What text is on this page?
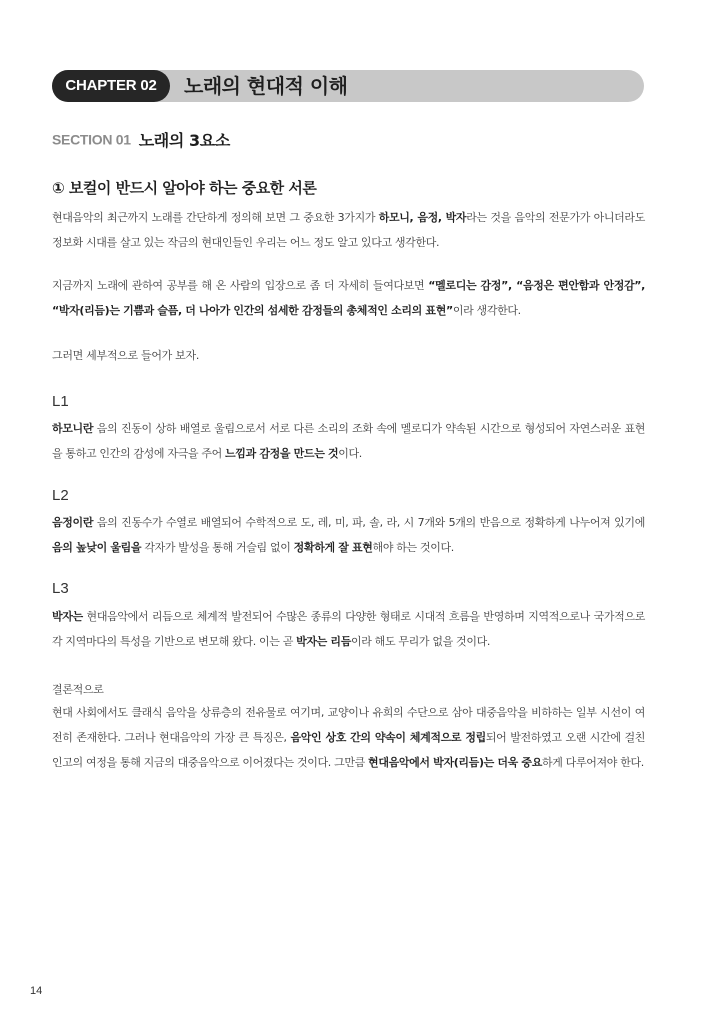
CHAPTER 02	노래의 현대적 이해
SECTION 01 노래의 3요소
① 보컬이 반드시 알아야 하는 중요한 서론

현대음악의 최근까지 노래를 간단하게 정의해 보면 그 중요한 3가지가 하모니, 음정, 박자라는 것을 음악의 전문가가 아니더라도 정보화 시대를 살고 있는 작금의 현대인들인 우리는 어느 정도 알고 있다고 생각한다.

지금까지 노래에 관하여 공부를 해 온 사람의 입장으로 좀 더 자세히 들여다보면 “멜로디는 감정”, “음정은 편안함과 안정감”, “박자(리듬)는 기쁨과 슬픔, 더 나아가 인간의 섬세한 감정들의 총체적인 소리의 표현”이라 생각한다.

그러면 세부적으로 들어가 보자.
L1

하모니란 음의 진동이 상하 배열로 울림으로서 서로 다른 소리의 조화 속에 멜로디가 약속된 시간으로 형성되어 자연스러운 표현을 통하고 인간의 감성에 자극을 주어 느낌과 감정을 만드는 것이다.

L2

음정이란 음의 진동수가 수열로 배열되어 수학적으로 도, 레, 미, 파, 솔, 라, 시 7개와 5개의 반음으로 정확하게 나누어져 있기에 음의 높낮이 울림을 각자가 발성을 통해 거슬림 없이 정확하게 잘 표현해야 하는 것이다.

L3

박자는 현대음악에서 리듬으로 체계적 발전되어 수많은 종류의 다양한 형태로 시대적 흐름을 반영하며 지역적으로나 국가적으로 각 지역마다의 특성을 기반으로 변모해 왔다. 이는 곧 박자는 리듬이라 해도 무리가 없을 것이다.

결론적으로

현대 사회에서도 클래식 음악을 상류층의 전유물로 여기며, 교양이나 유희의 수단으로 삼아 대중음악을 비하하는 일부 시선이 여전히 존재한다. 그러나 현대음악의 가장 큰 특징은, 음악인 상호 간의 약속이 체계적으로 정립되어 발전하였고 오랜 시간에 걸친 인고의 여정을 통해 지금의 대중음악으로 이어졌다는 것이다. 그만큼 현대음악에서 박자(리듬)는 더욱 중요하게 다루어져야 한다.

14
